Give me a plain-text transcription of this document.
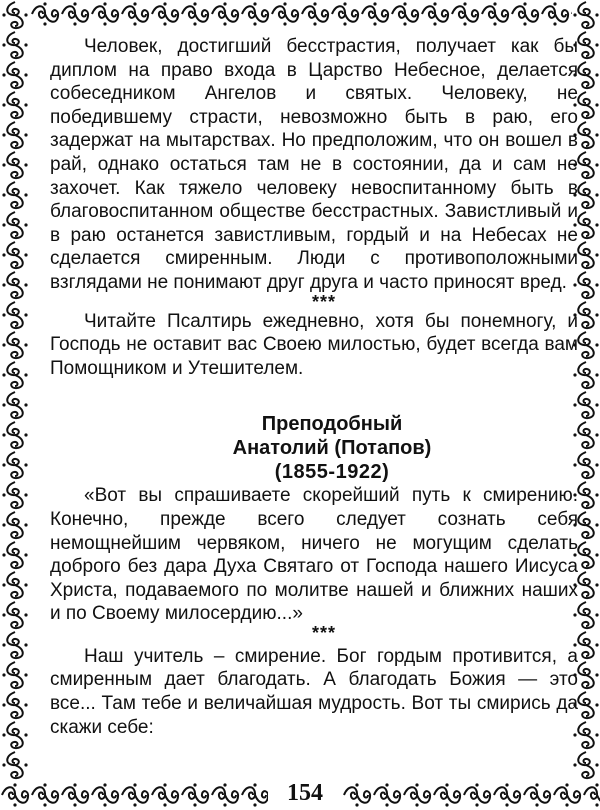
Человек, достигший бесстрастия, получает как бы диплом на право входа в Царство Небесное, делается собеседником Ангелов и святых. Человеку, не победившему страсти, невозможно быть в раю, его задержат на мытарствах. Но предположим, что он вошел в рай, однако остаться там не в состоянии, да и сам не захочет. Как тяжело человеку невоспитанному быть в благовоспитанном обществе бесстрастных. Завистливый и в раю останется завистливым, гордый и на Небесах не сделается смиренным. Люди с противоположными взглядами не понимают друг друга и часто приносят вред.

***

Читайте Псалтирь ежедневно, хотя бы понемногу, и Господь не оставит вас Своею милостью, будет всегда вам Помощником и Утешителем.

Преподобный
Анатолий (Потапов)
(1855-1922)

«Вот вы спрашиваете скорейший путь к смирению. Конечно, прежде всего следует сознать себя немощнейшим червяком, ничего не могущим сделать доброго без дара Духа Святаго от Господа нашего Иисуса Христа, подаваемого по молитве нашей и ближних наших и по Своему милосердию...»

***

Наш учитель – смирение. Бог гордым противится, а смиренным дает благодать. А благодать Божия — это все... Там тебе и величайшая мудрость. Вот ты смирись да скажи себе:

154
